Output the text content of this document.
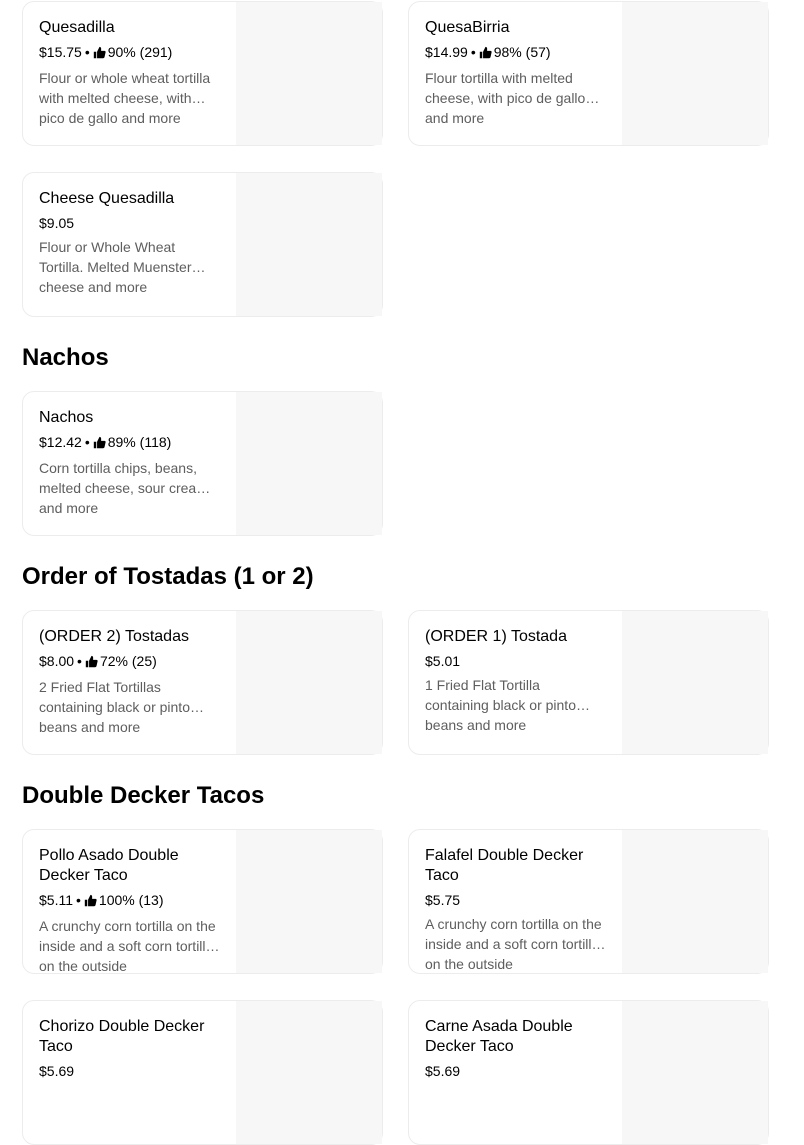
Quesadilla
$15.75 • 90% (291)
Flour or whole wheat tortilla with melted cheese, with pico de gallo and more
QuesaBirria
$14.99 • 98% (57)
Flour tortilla with melted cheese, with pico de gallo and more
Cheese Quesadilla
$9.05
Flour or Whole Wheat Tortilla. Melted Muenster cheese and more
Nachos
Nachos
$12.42 • 89% (118)
Corn tortilla chips, beans, melted cheese, sour cream and more
Order of Tostadas (1 or 2)
(ORDER 2) Tostadas
$8.00 • 72% (25)
2 Fried Flat Tortillas containing black or pinto beans and more
(ORDER 1) Tostada
$5.01
1 Fried Flat Tortilla containing black or pinto beans and more
Double Decker Tacos
Pollo Asado Double Decker Taco
$5.11 • 100% (13)
A crunchy corn tortilla on the inside and a soft corn tortilla on the outside
Falafel Double Decker Taco
$5.75
A crunchy corn tortilla on the inside and a soft corn tortilla on the outside
Chorizo Double Decker Taco
$5.69
Carne Asada Double Decker Taco
$5.69
